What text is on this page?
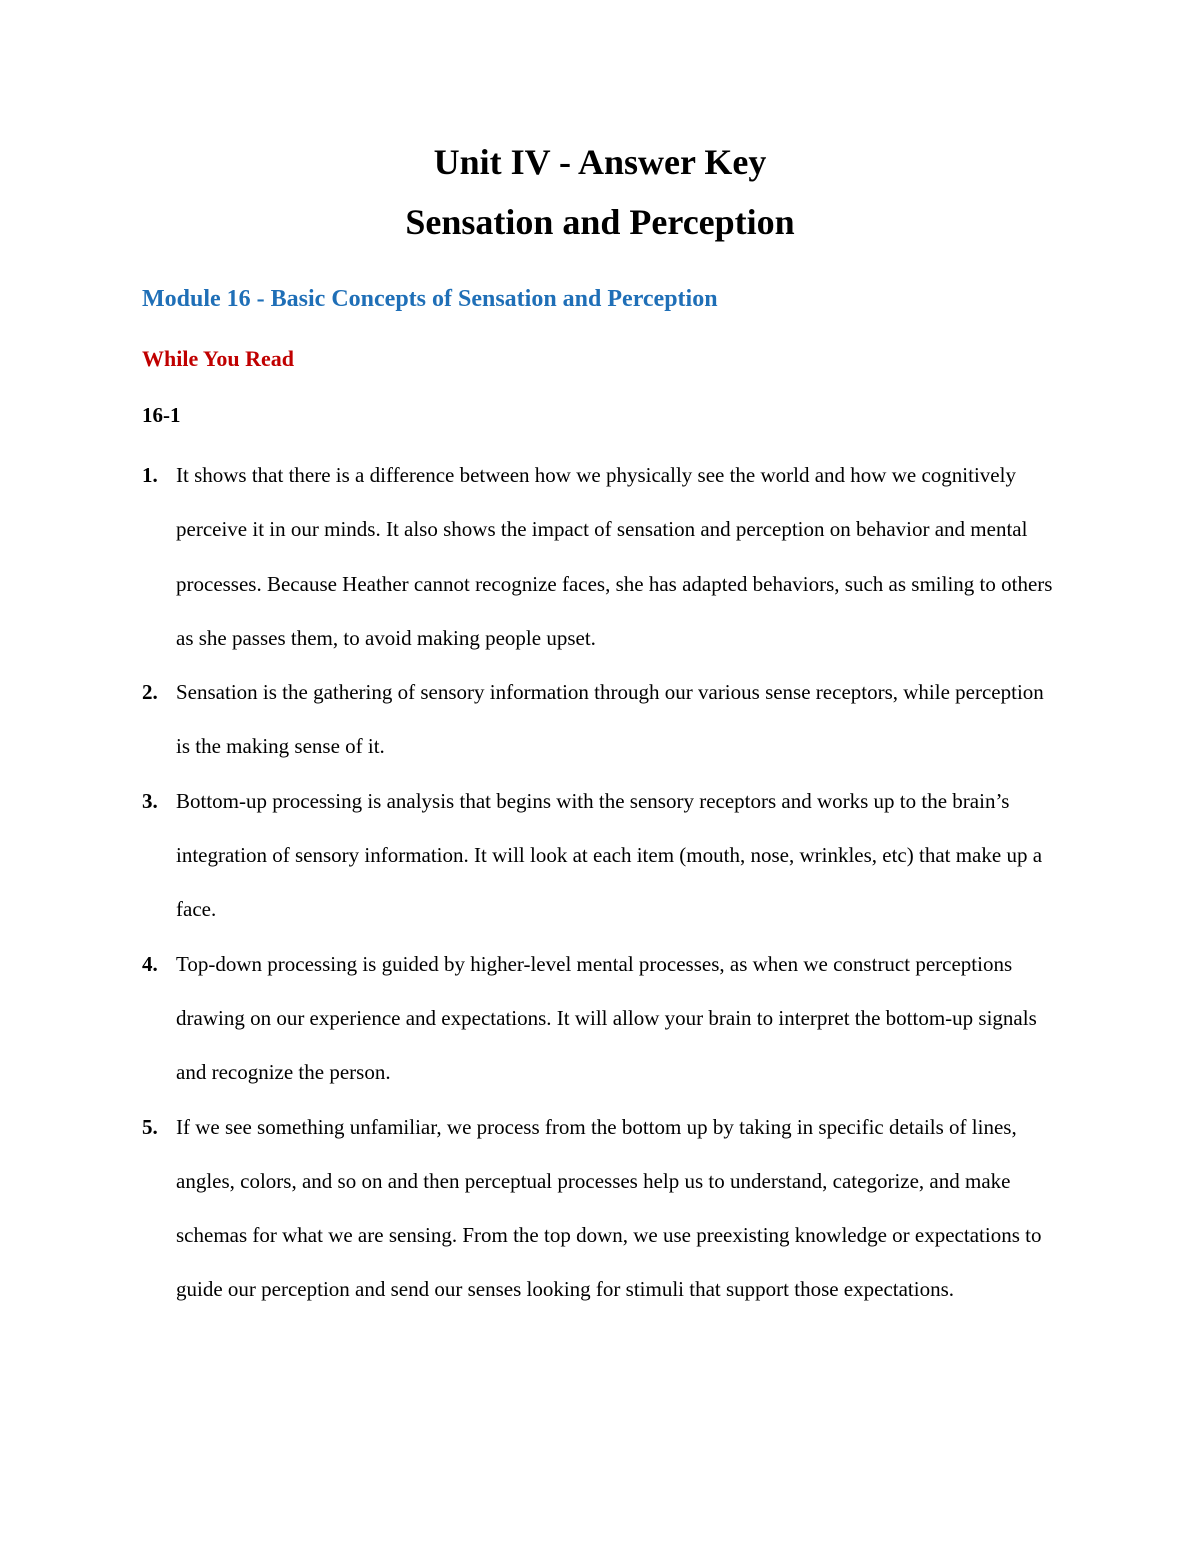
Unit IV - Answer Key
Sensation and Perception
Module 16 - Basic Concepts of Sensation and Perception
While You Read
16-1
1. It shows that there is a difference between how we physically see the world and how we cognitively perceive it in our minds. It also shows the impact of sensation and perception on behavior and mental processes. Because Heather cannot recognize faces, she has adapted behaviors, such as smiling to others as she passes them, to avoid making people upset.
2. Sensation is the gathering of sensory information through our various sense receptors, while perception is the making sense of it.
3. Bottom-up processing is analysis that begins with the sensory receptors and works up to the brain’s integration of sensory information. It will look at each item (mouth, nose, wrinkles, etc) that make up a face.
4. Top-down processing is guided by higher-level mental processes, as when we construct perceptions drawing on our experience and expectations. It will allow your brain to interpret the bottom-up signals and recognize the person.
5. If we see something unfamiliar, we process from the bottom up by taking in specific details of lines, angles, colors, and so on and then perceptual processes help us to understand, categorize, and make schemas for what we are sensing. From the top down, we use preexisting knowledge or expectations to guide our perception and send our senses looking for stimuli that support those expectations.
